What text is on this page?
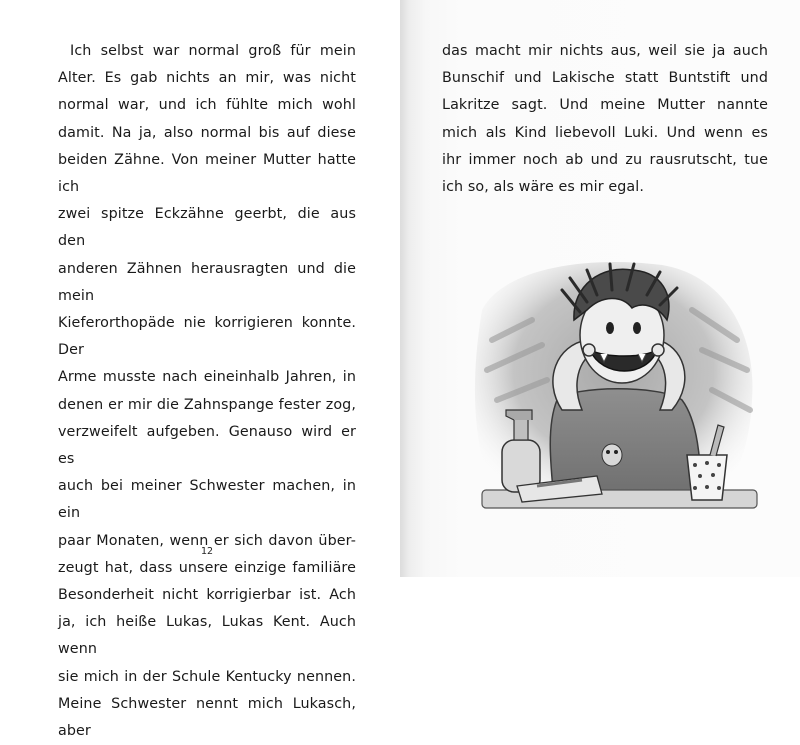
Ich selbst war normal groß für mein
Alter. Es gab nichts an mir, was nicht
normal war, und ich fühlte mich wohl
damit. Na ja, also normal bis auf diese
beiden Zähne. Von meiner Mutter hatte ich
zwei spitze Eckzähne geerbt, die aus den
anderen Zähnen herausragten und die mein
Kieferorthopäde nie korrigieren konnte. Der
Arme musste nach eineinhalb Jahren, in
denen er mir die Zahnspange fester zog,
verzweifelt aufgeben. Genauso wird er es
auch bei meiner Schwester machen, in ein
paar Monaten, wenn er sich davon über-
zeugt hat, dass unsere einzige familiäre
Besonderheit nicht korrigierbar ist. Ach
ja, ich heiße Lukas, Lukas Kent. Auch wenn
sie mich in der Schule Kentucky nennen.
Meine Schwester nennt mich Lukasch, aber
12
das macht mir nichts aus, weil sie ja auch
Bunschif und Lakische statt Buntstift und
Lakritze sagt. Und meine Mutter nannte
mich als Kind liebevoll Luki. Und wenn es
ihr immer noch ab und zu rausrutscht, tue
ich so, als wäre es mir egal.
